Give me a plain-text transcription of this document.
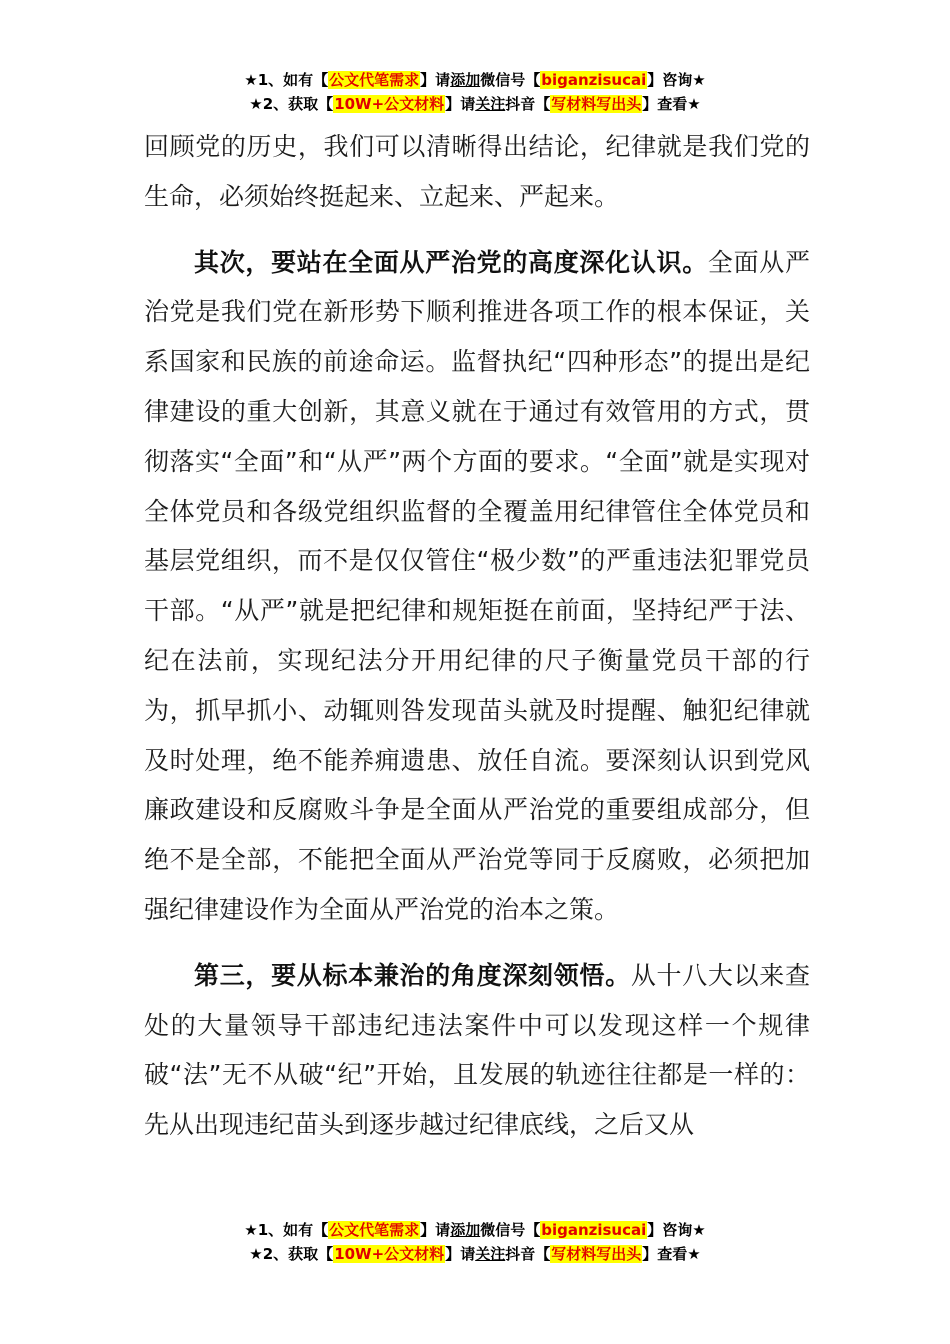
★1、如有【公文代笔需求】请添加微信号【biganzisucai】咨询★
★2、获取【10W+公文材料】请关注抖音【写材料写出头】查看★

回顾党的历史，我们可以清晰得出结论，纪律就是我们党的生命，必须始终挺起来、立起来、严起来。

其次，要站在全面从严治党的高度深化认识。全面从严治党是我们党在新形势下顺利推进各项工作的根本保证，关系国家和民族的前途命运。监督执纪“四种形态”的提出是纪律建设的重大创新，其意义就在于通过有效管用的方式，贯彻落实“全面”和“从严”两个方面的要求。“全面”就是实现对全体党员和各级党组织监督的全覆盖用纪律管住全体党员和基层党组织，而不是仅仅管住“极少数”的严重违法犯罪党员干部。“从严”就是把纪律和规矩挺在前面，坚持纪严于法、纪在法前，实现纪法分开用纪律的尺子衡量党员干部的行为，抓早抓小、动辄则咎发现苗头就及时提醒、触犯纪律就及时处理，绝不能养痈遗患、放任自流。要深刻认识到党风廉政建设和反腐败斗争是全面从严治党的重要组成部分，但绝不是全部，不能把全面从严治党等同于反腐败，必须把加强纪律建设作为全面从严治党的治本之策。

第三，要从标本兼治的角度深刻领悟。从十八大以来查处的大量领导干部违纪违法案件中可以发现这样一个规律破“法”无不从破“纪”开始，且发展的轨迹往往都是一样的：先从出现违纪苗头到逐步越过纪律底线，之后又从

★1、如有【公文代笔需求】请添加微信号【biganzisucai】咨询★
★2、获取【10W+公文材料】请关注抖音【写材料写出头】查看★
